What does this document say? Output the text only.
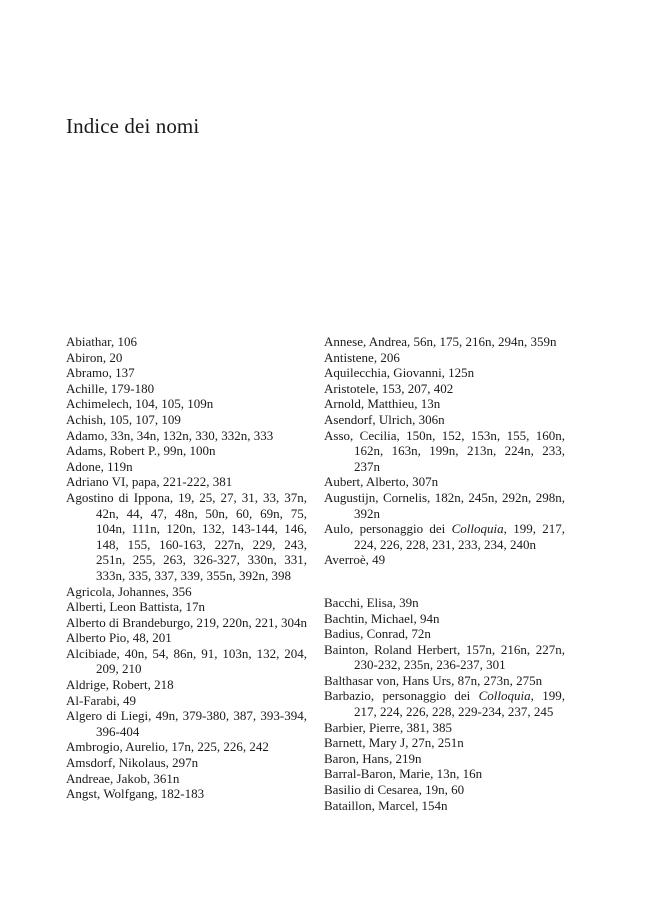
Indice dei nomi
Abiathar, 106
Abiron, 20
Abramo, 137
Achille, 179-180
Achimelech, 104, 105, 109n
Achish, 105, 107, 109
Adamo, 33n, 34n, 132n, 330, 332n, 333
Adams, Robert P., 99n, 100n
Adone, 119n
Adriano VI, papa, 221-222, 381
Agostino di Ippona, 19, 25, 27, 31, 33, 37n, 42n, 44, 47, 48n, 50n, 60, 69n, 75, 104n, 111n, 120n, 132, 143-144, 146, 148, 155, 160-163, 227n, 229, 243, 251n, 255, 263, 326-327, 330n, 331, 333n, 335, 337, 339, 355n, 392n, 398
Agricola, Johannes, 356
Alberti, Leon Battista, 17n
Alberto di Brandeburgo, 219, 220n, 221, 304n
Alberto Pio, 48, 201
Alcibiade, 40n, 54, 86n, 91, 103n, 132, 204, 209, 210
Aldrige, Robert, 218
Al-Farabi, 49
Algero di Liegi, 49n, 379-380, 387, 393-394, 396-404
Ambrogio, Aurelio, 17n, 225, 226, 242
Amsdorf, Nikolaus, 297n
Andreae, Jakob, 361n
Angst, Wolfgang, 182-183
Annese, Andrea, 56n, 175, 216n, 294n, 359n
Antistene, 206
Aquilecchia, Giovanni, 125n
Aristotele, 153, 207, 402
Arnold, Matthieu, 13n
Asendorf, Ulrich, 306n
Asso, Cecilia, 150n, 152, 153n, 155, 160n, 162n, 163n, 199n, 213n, 224n, 233, 237n
Aubert, Alberto, 307n
Augustijn, Cornelis, 182n, 245n, 292n, 298n, 392n
Aulo, personaggio dei Colloquia, 199, 217, 224, 226, 228, 231, 233, 234, 240n
Averroè, 49
Bacchi, Elisa, 39n
Bachtin, Michael, 94n
Badius, Conrad, 72n
Bainton, Roland Herbert, 157n, 216n, 227n, 230-232, 235n, 236-237, 301
Balthasar von, Hans Urs, 87n, 273n, 275n
Barbazio, personaggio dei Colloquia, 199, 217, 224, 226, 228, 229-234, 237, 245
Barbier, Pierre, 381, 385
Barnett, Mary J, 27n, 251n
Baron, Hans, 219n
Barral-Baron, Marie, 13n, 16n
Basilio di Cesarea, 19n, 60
Bataillon, Marcel, 154n
